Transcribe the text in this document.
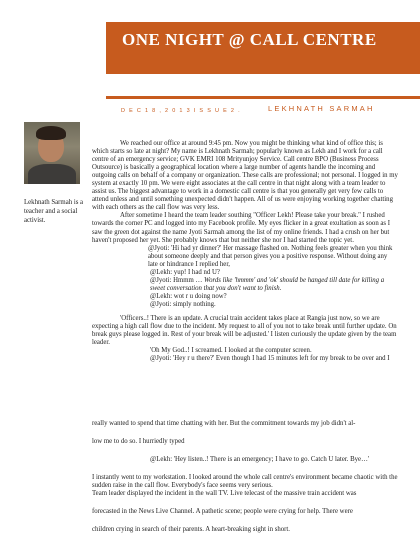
ONE NIGHT @ CALL CENTRE
(A Real Life Incident)
D E C 1 8 , 2 0 1 3 I S S U E 2 .	LEKHNATH SARMAH
Lekhnath Sarmah is a teacher and a social activist.

We reached our office at around 9:45 pm. Now you might be thinking what kind of office this; is which starts so late at night? My name is Lekhnath Sarmah; popularly known as Lekh and I work for a call centre of an emergency service; GVK EMRI 108 Mrityunjoy Service. Call centre BPO (Business Process Outsource) is basically a geographical location where a large number of agents handle the incoming and outgoing calls on behalf of a company or organization. These calls are professional; not personal. I logged in my system at exactly 10 pm. We were eight associates at the call centre in that night along with a team leader to assist us. The biggest advantage to work in a domestic call centre is that you generally get very few calls to attend unless and until something unexpected didn't happen. All of us were enjoying working together chatting with each others as the call flow was very less.

After sometime I heard the team leader southing "Officer Lekh! Please take your break." I rushed towards the corner PC and logged into my Facebook profile. My eyes flicker in a great exultation as soon as I saw the green dot against the name Jyoti Sarmah among the list of my online friends. I had a crush on her but haven't proposed her yet. She probably knows that but neither she nor I had started the topic yet.

@Jyoti: 'Hi had yr dinner?' Her massage flashed on. Nothing feels greater when you think about someone deeply and that person gives you a positive response. Without doing any late or hindrance I replied her,

@Lekh: yup! I had nd U?

@Jyoti: Hmmm … Words like 'hmmm' and 'ok' should be hanged till date for killing a sweet conversation that you don't want to finish.

@Lekh: wot r u doing now?

@Jyoti: simply nothing.

'Officers..! There is an update. A crucial train accident takes place at Rangia just now, so we are expecting a high call flow due to the incident. My request to all of you not to take break until further update. On break guys please logged in. Rest of your break will be adjusted.' I listen curiously the update given by the team leader.

'Oh My God..! I screamed. I looked at the computer screen.

@Jyoti: 'Hey r u there?' Even though I had 15 minutes left for my break to be over and I

really wanted to spend that time chatting with her. But the commitment towards my job didn't al-

low me to do so. I hurriedly typed

@Lekh: 'Hey listen..! There is an emergency; I have to go. Catch U later. Bye…'

I instantly went to my workstation. I looked around the whole call centre's environment became chaotic with the sudden raise in the call flow. Everybody's face seems very serious.

Team leader displayed the incident in the wall TV. Live telecast of the massive train accident was

forecasted in the News Live Channel. A pathetic scene; people were crying for help. There were

children crying in search of their parents. A heart-breaking sight in short.
